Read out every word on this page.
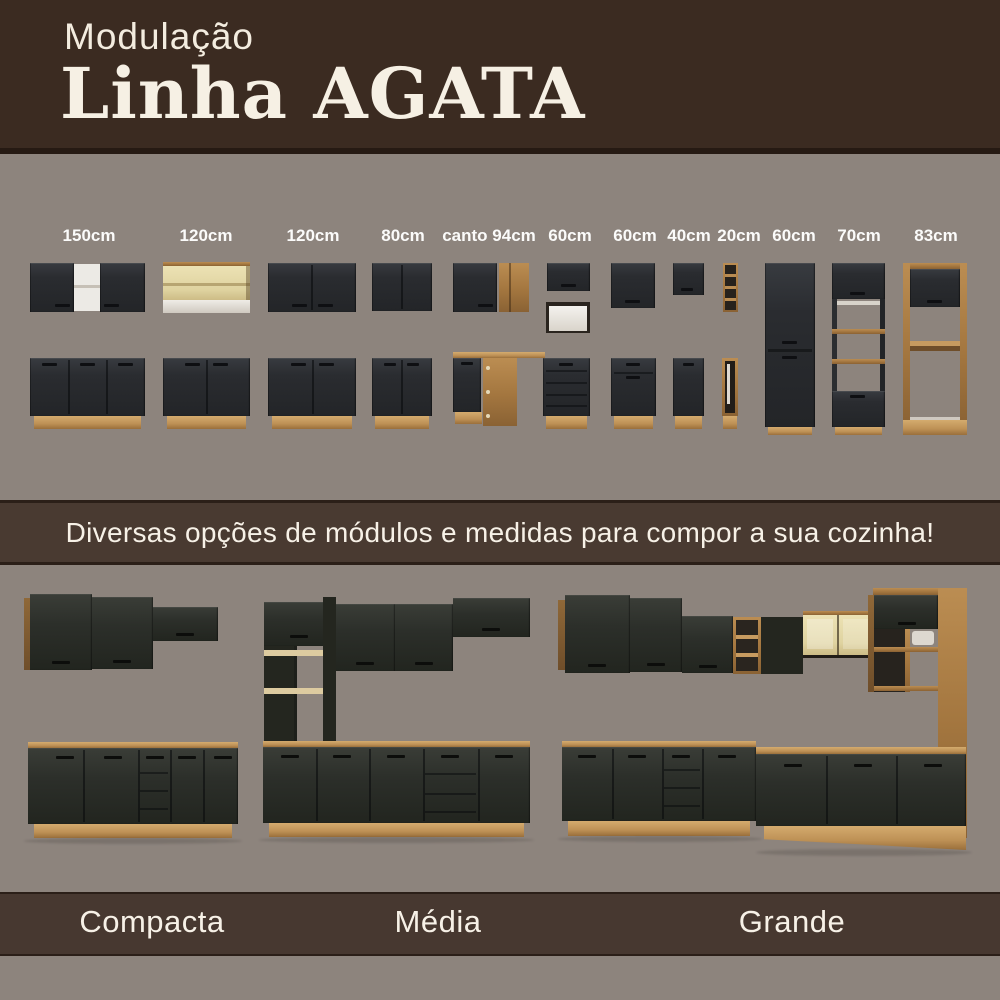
Modulação
Linha AGATA
150cm	120cm	120cm 80cm canto 94cm 60cm 60cm 40cm 20cm 60cm 70cm 83cm
Diversas opções de módulos e medidas para compor a sua cozinha!
Compacta	Média	Grande
